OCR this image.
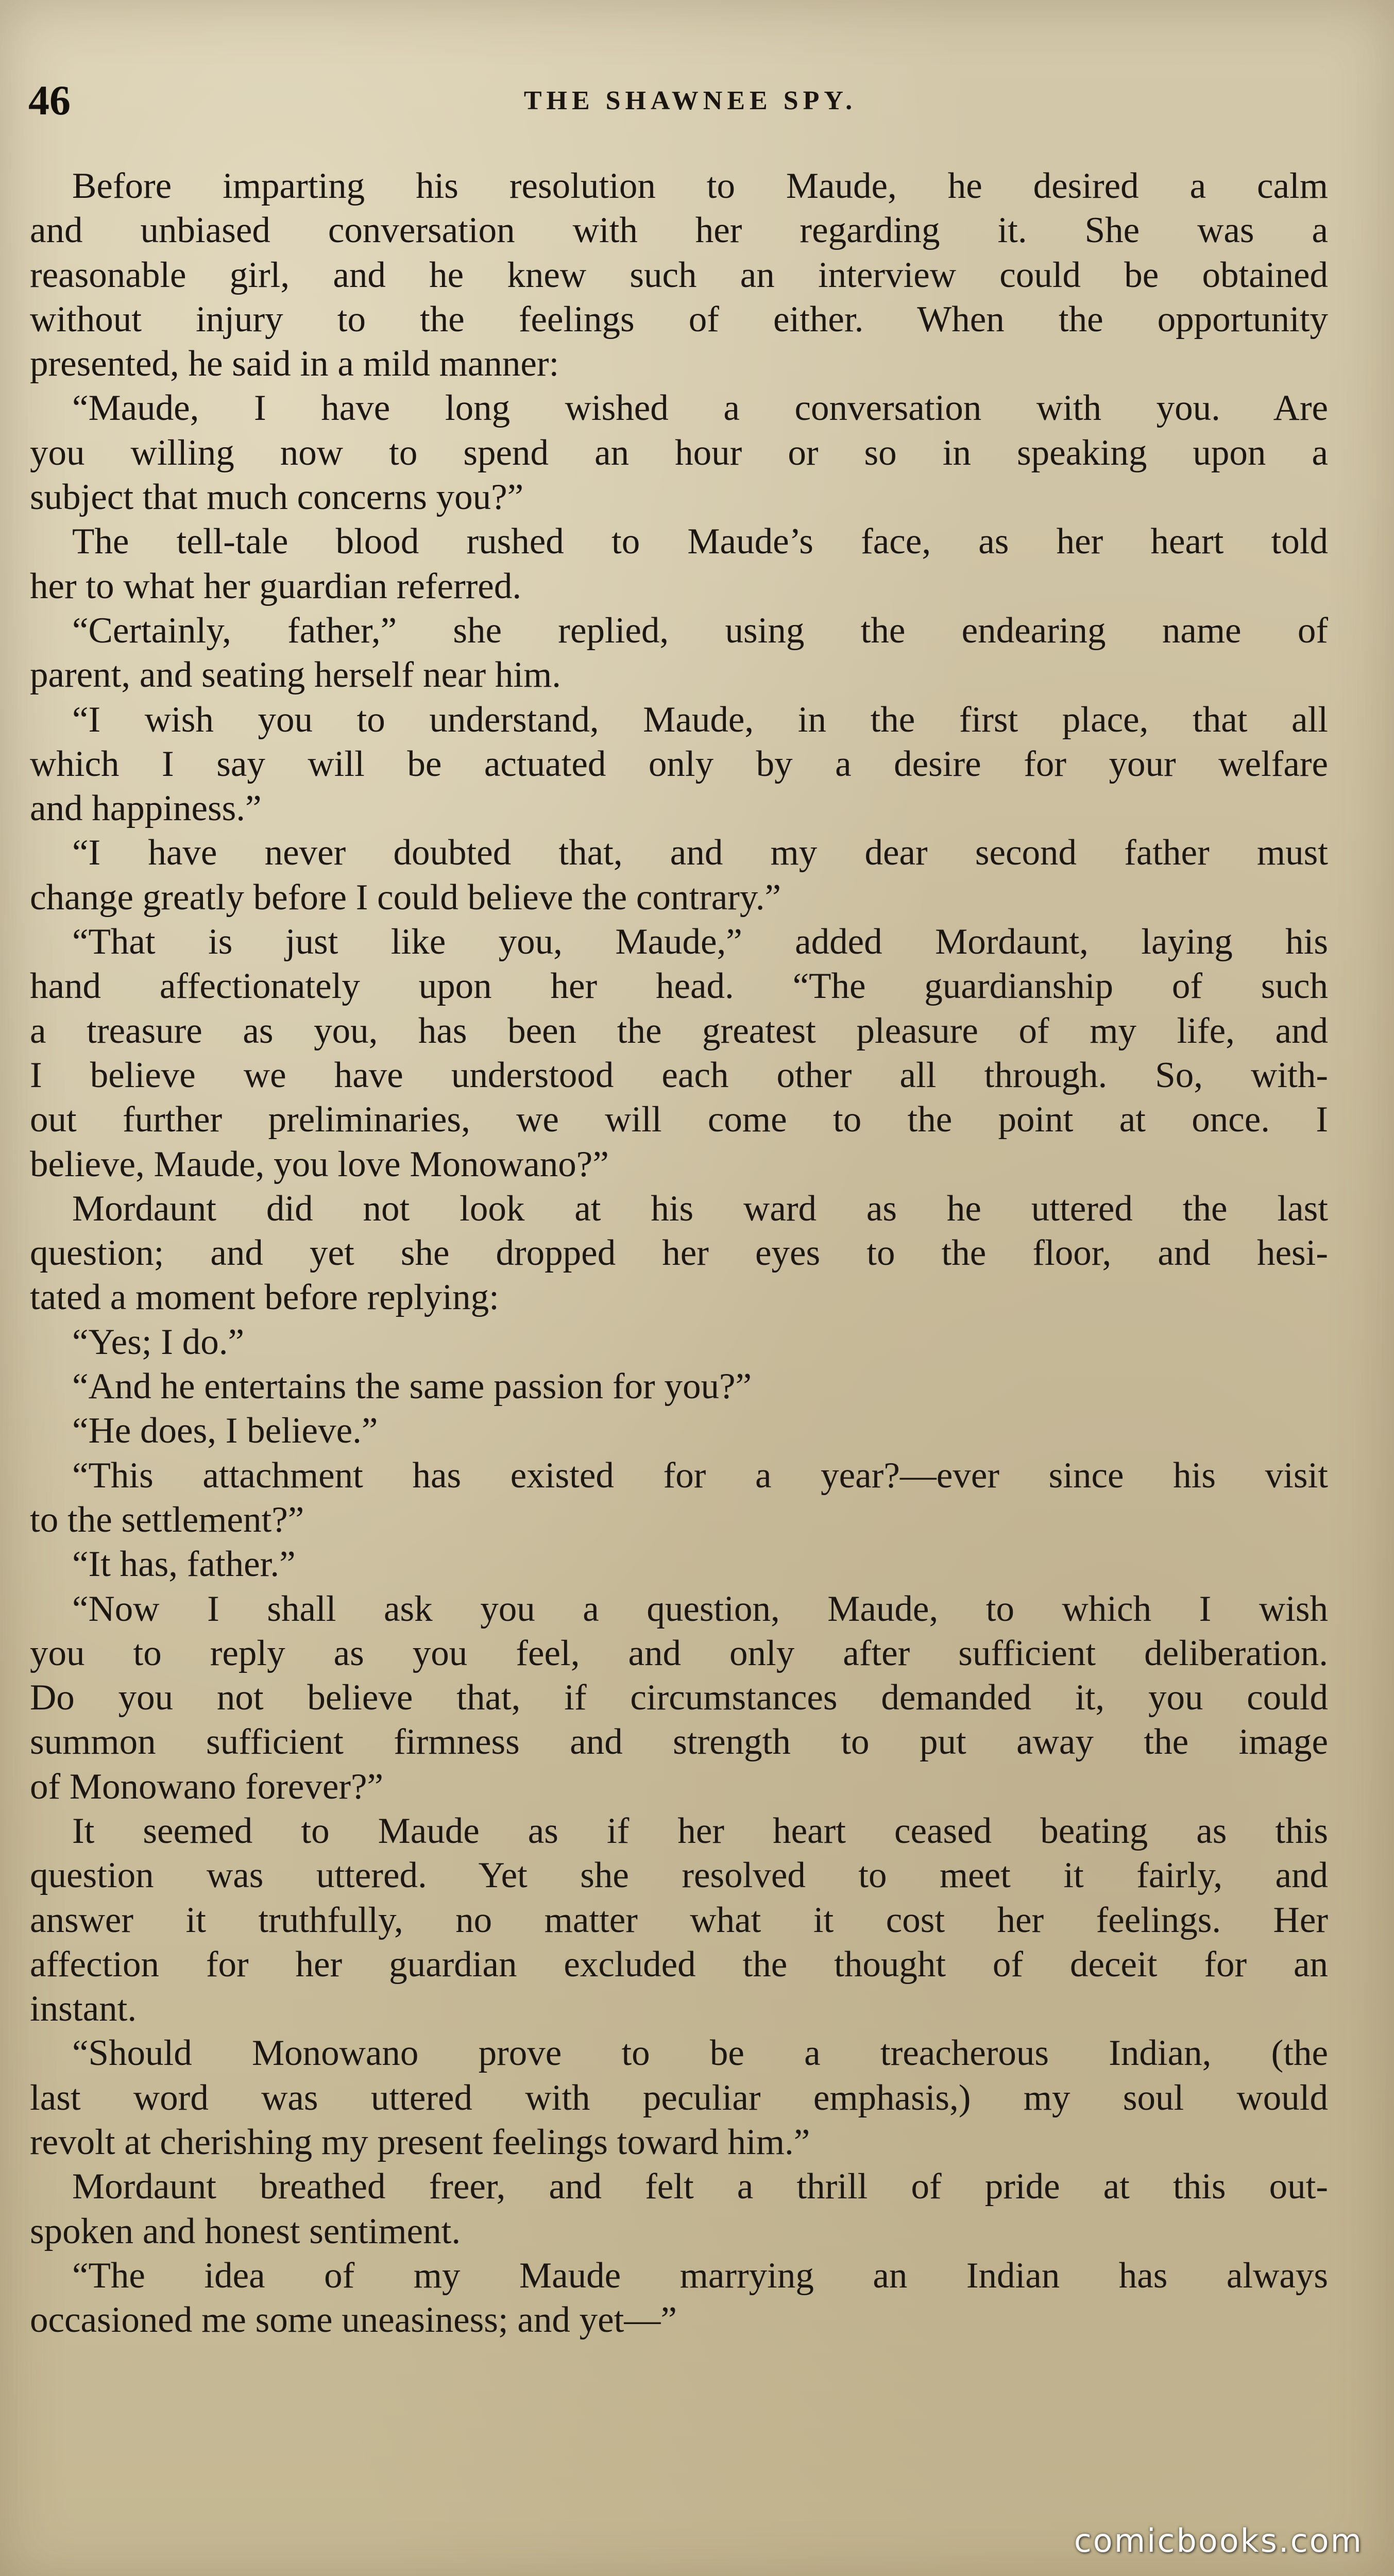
46	THE SHAWNEE SPY.
Before imparting his resolution to Maude, he desired a calm
and unbiased conversation with her regarding it. She was a
reasonable girl, and he knew such an interview could be obtained
without injury to the feelings of either. When the opportunity
presented, he said in a mild manner:
“Maude, I have long wished a conversation with you. Are
you willing now to spend an hour or so in speaking upon a
subject that much concerns you?”
The tell-tale blood rushed to Maude’s face, as her heart told
her to what her guardian referred.
“Certainly, father,” she replied, using the endearing name of
parent, and seating herself near him.
“I wish you to understand, Maude, in the first place, that all
which I say will be actuated only by a desire for your welfare
and happiness.”
“I have never doubted that, and my dear second father must
change greatly before I could believe the contrary.”
“That is just like you, Maude,” added Mordaunt, laying his
hand affectionately upon her head. “The guardianship of such
a treasure as you, has been the greatest pleasure of my life, and
I believe we have understood each other all through. So, with-
out further preliminaries, we will come to the point at once. I
believe, Maude, you love Monowano?”
Mordaunt did not look at his ward as he uttered the last
question; and yet she dropped her eyes to the floor, and hesi-
tated a moment before replying:
“Yes; I do.”
“And he entertains the same passion for you?”
“He does, I believe.”
“This attachment has existed for a year?—ever since his visit
to the settlement?”
“It has, father.”
“Now I shall ask you a question, Maude, to which I wish
you to reply as you feel, and only after sufficient deliberation.
Do you not believe that, if circumstances demanded it, you could
summon sufficient firmness and strength to put away the image
of Monowano forever?”
It seemed to Maude as if her heart ceased beating as this
question was uttered. Yet she resolved to meet it fairly, and
answer it truthfully, no matter what it cost her feelings. Her
affection for her guardian excluded the thought of deceit for an
instant.
“Should Monowano prove to be a treacherous Indian, (the
last word was uttered with peculiar emphasis,) my soul would
revolt at cherishing my present feelings toward him.”
Mordaunt breathed freer, and felt a thrill of pride at this out-
spoken and honest sentiment.
“The idea of my Maude marrying an Indian has always
occasioned me some uneasiness; and yet—”
comicbooks.com
